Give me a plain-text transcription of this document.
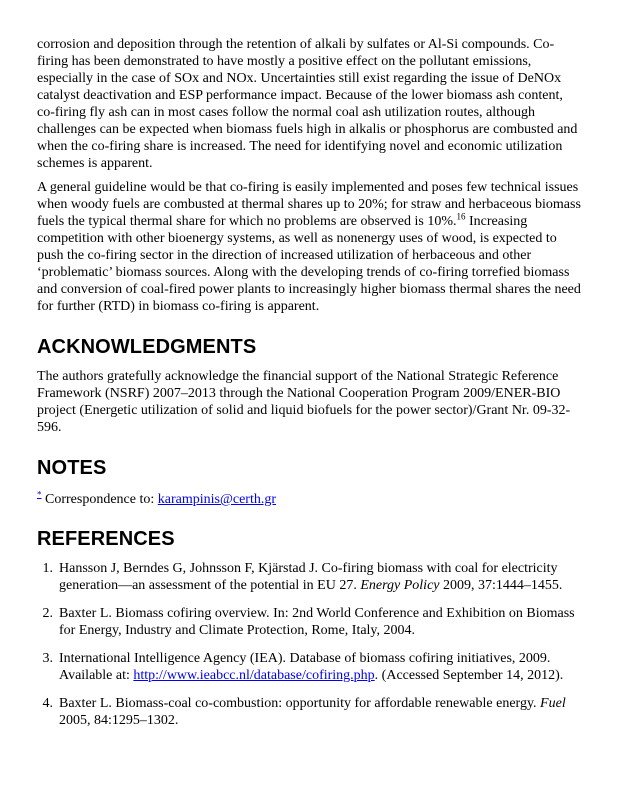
corrosion and deposition through the retention of alkali by sulfates or Al-Si compounds. Co-firing has been demonstrated to have mostly a positive effect on the pollutant emissions, especially in the case of SOx and NOx. Uncertainties still exist regarding the issue of DeNOx catalyst deactivation and ESP performance impact. Because of the lower biomass ash content, co-firing fly ash can in most cases follow the normal coal ash utilization routes, although challenges can be expected when biomass fuels high in alkalis or phosphorus are combusted and when the co-firing share is increased. The need for identifying novel and economic utilization schemes is apparent.

A general guideline would be that co-firing is easily implemented and poses few technical issues when woody fuels are combusted at thermal shares up to 20%; for straw and herbaceous biomass fuels the typical thermal share for which no problems are observed is 10%.$^{16}$ Increasing competition with other bioenergy systems, as well as nonenergy uses of wood, is expected to push the co-firing sector in the direction of increased utilization of herbaceous and other ‘problematic’ biomass sources. Along with the developing trends of co-firing torrefied biomass and conversion of coal-fired power plants to increasingly higher biomass thermal shares the need for further (RTD) in biomass co-firing is apparent.

ACKNOWLEDGMENTS

The authors gratefully acknowledge the financial support of the National Strategic Reference Framework (NSRF) 2007–2013 through the National Cooperation Program 2009/ENER-BIO project (Energetic utilization of solid and liquid biofuels for the power sector)/Grant Nr. 09-32-596.

NOTES

* Correspondence to: karampinis@certh.gr

REFERENCES
1. Hansson J, Berndes G, Johnsson F, Kjärstad J. Co-firing biomass with coal for electricity generation—an assessment of the potential in EU 27. Energy Policy 2009, 37:1444–1455.
2. Baxter L. Biomass cofiring overview. In: 2nd World Conference and Exhibition on Biomass for Energy, Industry and Climate Protection, Rome, Italy, 2004.
3. International Intelligence Agency (IEA). Database of biomass cofiring initiatives, 2009. Available at: http://www.ieabcc.nl/database/cofiring.php. (Accessed September 14, 2012).
4. Baxter L. Biomass-coal co-combustion: opportunity for affordable renewable energy. Fuel 2005, 84:1295–1302.
